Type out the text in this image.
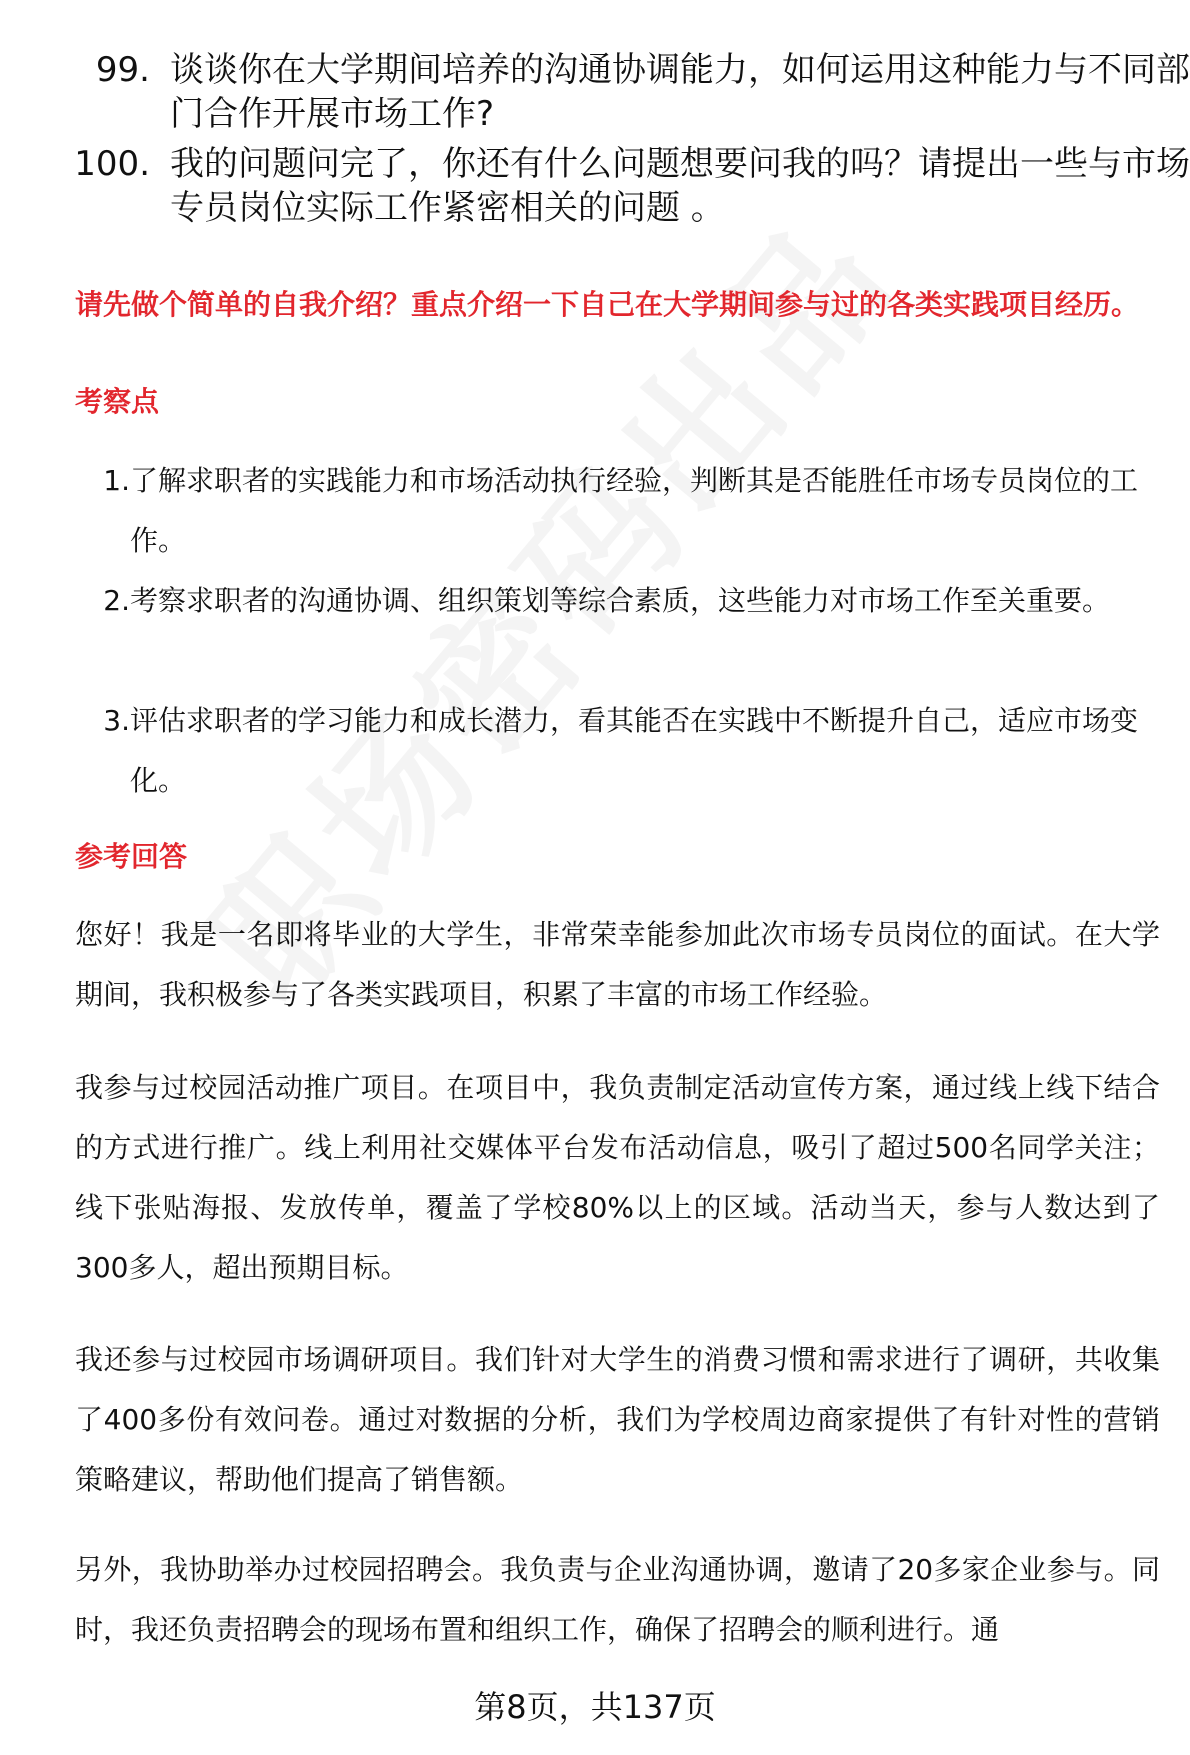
99. 谈谈你在大学期间培养的沟通协调能力，如何运用这种能力与不同部门合作开展市场工作?
100. 我的问题问完了，你还有什么问题想要问我的吗？请提出一些与市场专员岗位实际工作紧密相关的问题 。
请先做个简单的自我介绍？重点介绍一下自己在大学期间参与过的各类实践项目经历。
考察点
1. 了解求职者的实践能力和市场活动执行经验，判断其是否能胜任市场专员岗位的工作。
2. 考察求职者的沟通协调、组织策划等综合素质，这些能力对市场工作至关重要。
3. 评估求职者的学习能力和成长潜力，看其能否在实践中不断提升自己，适应市场变化。
参考回答
您好！我是一名即将毕业的大学生，非常荣幸能参加此次市场专员岗位的面试。在大学期间，我积极参与了各类实践项目，积累了丰富的市场工作经验。
我参与过校园活动推广项目。在项目中，我负责制定活动宣传方案，通过线上线下结合的方式进行推广。线上利用社交媒体平台发布活动信息，吸引了超过500名同学关注；线下张贴海报、发放传单，覆盖了学校80%以上的区域。活动当天，参与人数达到了300多人，超出预期目标。
我还参与过校园市场调研项目。我们针对大学生的消费习惯和需求进行了调研，共收集了400多份有效问卷。通过对数据的分析，我们为学校周边商家提供了有针对性的营销策略建议，帮助他们提高了销售额。
另外，我协助举办过校园招聘会。我负责与企业沟通协调，邀请了20多家企业参与。同时，我还负责招聘会的现场布置和组织工作，确保了招聘会的顺利进行。通
第8页，共137页
